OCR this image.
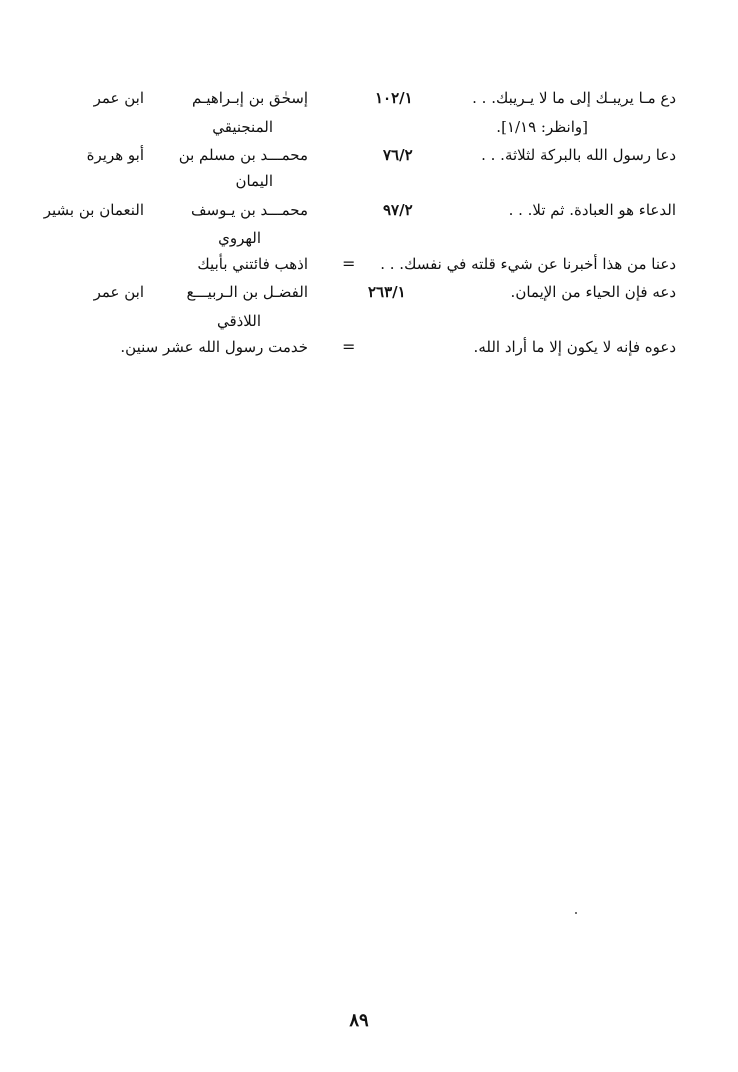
دع مـا يريبـك إلى ما لا يـريبك. . .
[وانظر: ١/١٩].
١٠٢/١
إسحٰق بن إبـراهيـم
المنجنيقي
ابن عمر
دعا رسول الله بالبركة لثلاثة. . .
٧٦/٢
محمـــد بن مسلم بن
اليمان
أبو هريرة
الدعاء هو العبادة. ثم تلا. . .
٩٧/٢
محمـــد بن يـوسف
الهروي
النعمان بن بشير
دعنا من هذا أخبرنا عن شيء قلته في نفسك. . .
=
اذهب فائتني بأبيك
دعه فإن الحياء من الإيمان.
٢٦٣/١
الفضـل بن الـربيـــع
اللاذقي
ابن عمر
دعوه فإنه لا يكون إلا ما أراد الله.
=
خدمت رسول الله عشر سنين.
٨٩
